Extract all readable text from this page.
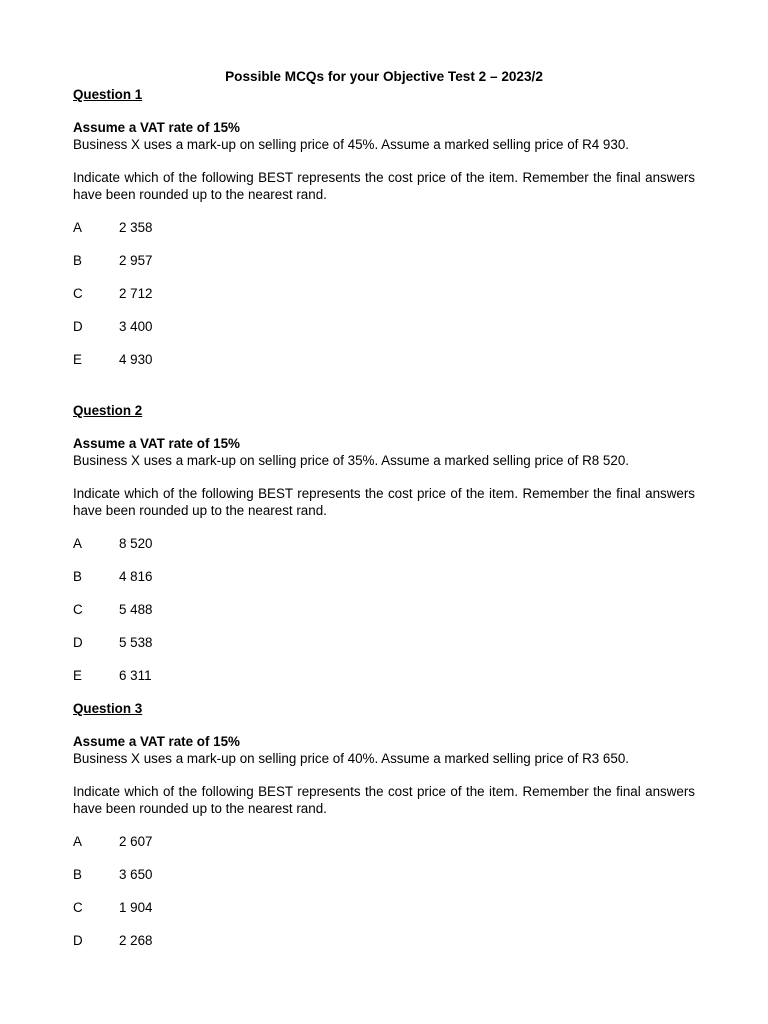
Possible MCQs for your Objective Test 2 – 2023/2
Question 1
Assume a VAT rate of 15%
Business X uses a mark-up on selling price of 45%. Assume a marked selling price of R4 930.
Indicate which of the following BEST represents the cost price of the item. Remember the final answers have been rounded up to the nearest rand.
A	2 358
B	2 957
C	2 712
D	3 400
E	4 930
Question 2
Assume a VAT rate of 15%
Business X uses a mark-up on selling price of 35%. Assume a marked selling price of R8 520.
Indicate which of the following BEST represents the cost price of the item. Remember the final answers have been rounded up to the nearest rand.
A	8 520
B	4 816
C	5 488
D	5 538
E	6 311
Question 3
Assume a VAT rate of 15%
Business X uses a mark-up on selling price of 40%. Assume a marked selling price of R3 650.
Indicate which of the following BEST represents the cost price of the item. Remember the final answers have been rounded up to the nearest rand.
A	2 607
B	3 650
C	1 904
D	2 268
